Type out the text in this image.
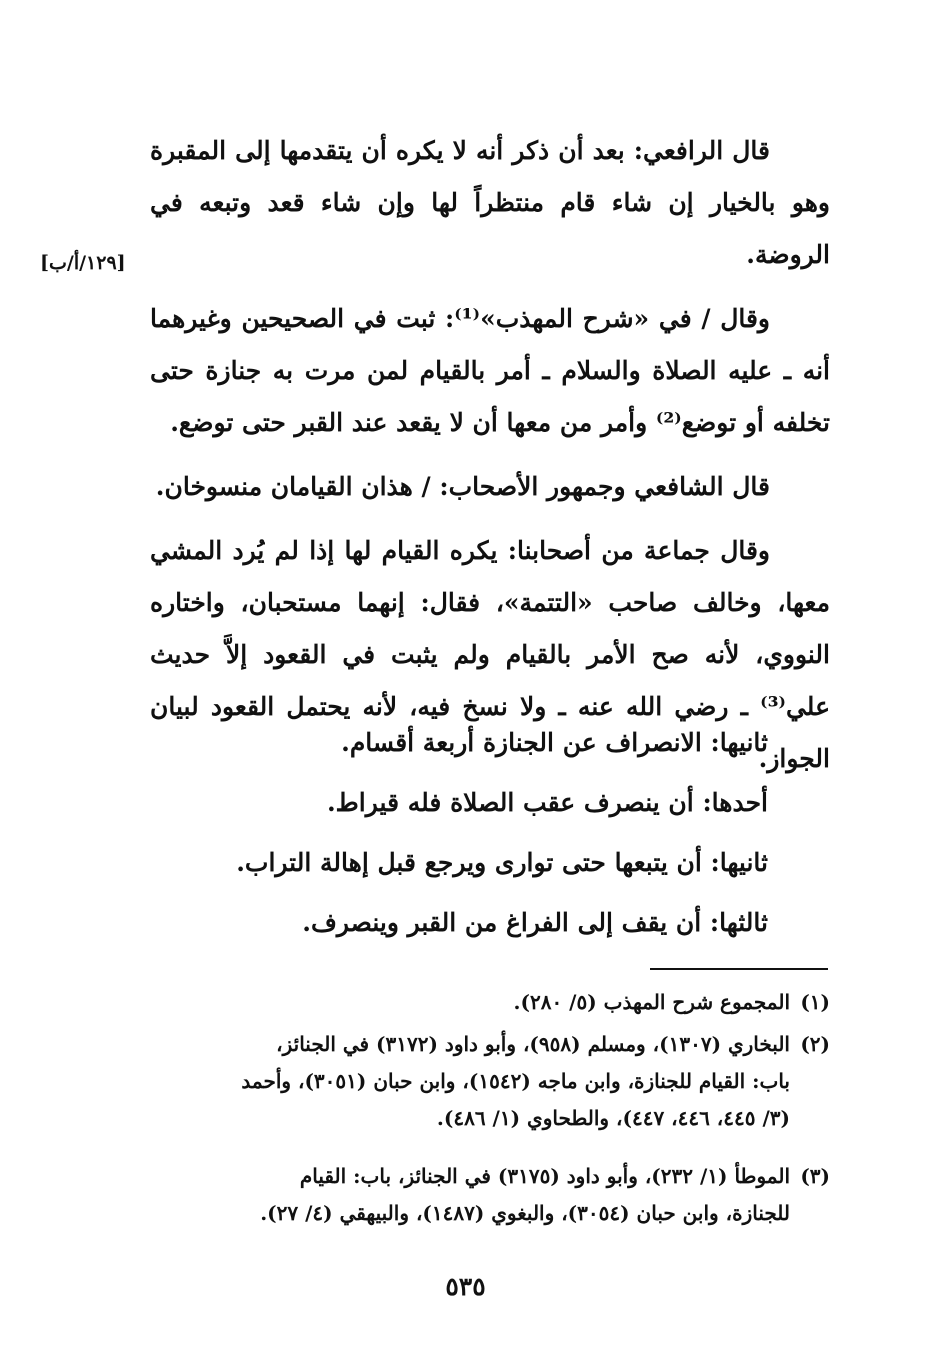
قال الرافعي: بعد أن ذكر أنه لا يكره أن يتقدمها إلى المقبرة وهو بالخيار إن شاء قام منتظراً لها وإن شاء قعد وتبعه في الروضة.

وقال / في «شرح المهذب»⁽¹⁾: ثبت في الصحيحين وغيرهما أنه ـ عليه الصلاة والسلام ـ أمر بالقيام لمن مرت به جنازة حتى تخلفه أو توضع⁽²⁾ وأمر من معها أن لا يقعد عند القبر حتى توضع.

قال الشافعي وجمهور الأصحاب: / هذان القيامان منسوخان.

وقال جماعة من أصحابنا: يكره القيام لها إذا لم يُرد المشي معها، وخالف صاحب «التتمة»، فقال: إنهما مستحبان، واختاره النووي، لأنه صح الأمر بالقيام ولم يثبت في القعود إلاَّ حديث علي⁽³⁾ ـ رضي الله عنه ـ ولا نسخ فيه، لأنه يحتمل القعود لبيان الجواز.

[١٢٩/أ/ب]
ثانيها: الانصراف عن الجنازة أربعة أقسام.
أحدها: أن ينصرف عقب الصلاة فله قيراط.
ثانيها: أن يتبعها حتى توارى ويرجع قبل إهالة التراب.
ثالثها: أن يقف إلى الفراغ من القبر وينصرف.
(١)المجموع شرح المهذب (٥/ ٢٨٠).
(٢)البخاري (١٣٠٧)، ومسلم (٩٥٨)، وأبو داود (٣١٧٢) في الجنائز،
باب: القيام للجنازة، وابن ماجه (١٥٤٢)، وابن حبان (٣٠٥١)، وأحمد
(٣/ ٤٤٥، ٤٤٦، ٤٤٧)، والطحاوي (١/ ٤٨٦).
(٣)الموطأ (١/ ٢٣٢)، وأبو داود (٣١٧٥) في الجنائز، باب: القيام
للجنازة، وابن حبان (٣٠٥٤)، والبغوي (١٤٨٧)، والبيهقي (٤/ ٢٧).
٥٣٥
